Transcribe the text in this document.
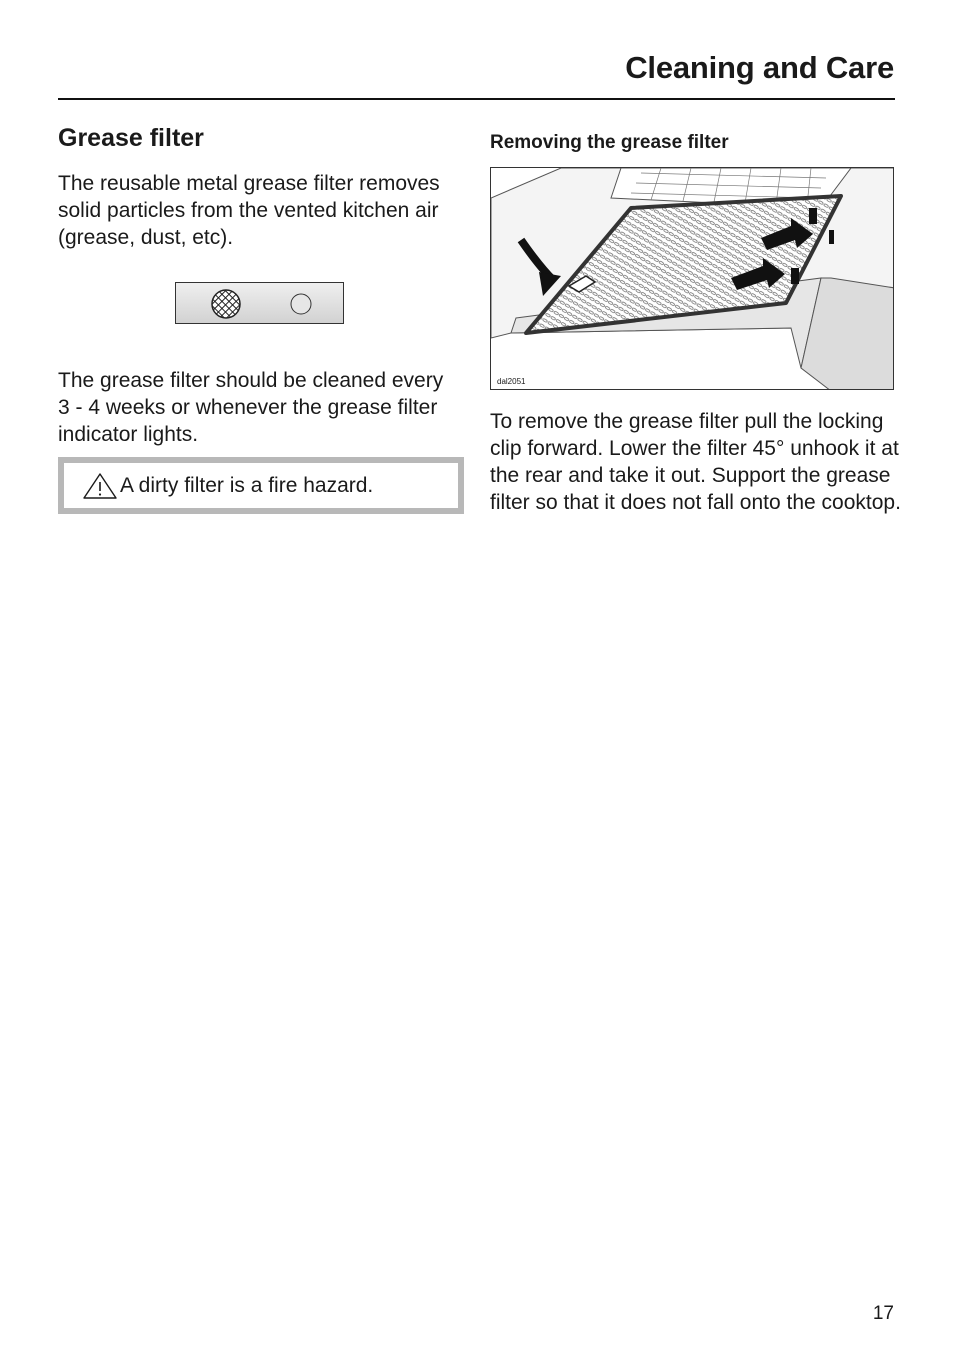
Cleaning and Care
Grease filter

The reusable metal grease filter removes solid particles from the vented kitchen air (grease, dust, etc).

The grease filter should be cleaned every 3 - 4 weeks or whenever the grease filter indicator lights.

A dirty filter is a fire hazard.
Removing the grease filter
dal2051

To remove the grease filter pull the locking clip forward. Lower the filter 45° unhook it at the rear and take it out. Support the grease filter so that it does not fall onto the cooktop.

17
